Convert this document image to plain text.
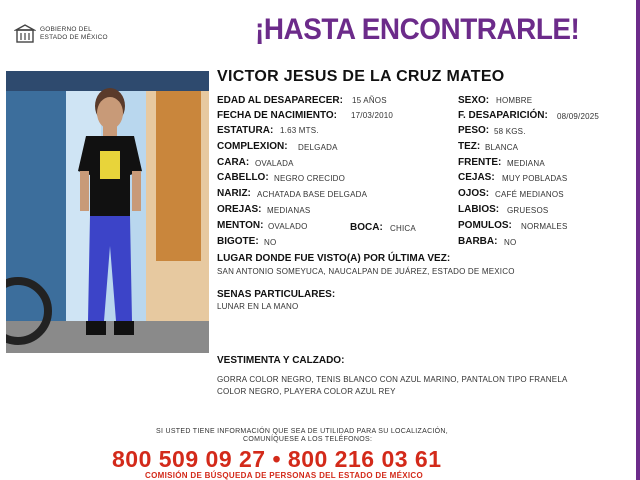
GOBIERNO DEL
ESTADO DE MÉXICO	¡HASTA ENCONTRARLE!
VICTOR JESUS DE LA CRUZ MATEO
EDAD AL DESAPARECER: 15 AÑOS
FECHA DE NACIMIENTO: 17/03/2010
ESTATURA: 1.63 MTS.
COMPLEXION: DELGADA
CARA: OVALADA
CABELLO: NEGRO CRECIDO
NARIZ: ACHATADA BASE DELGADA
OREJAS: MEDIANAS
MENTON: OVALADO	BOCA: CHICA
BIGOTE: NO
SEXO: HOMBRE
F. DESAPARICIÓN: 08/09/2025
PESO: 58 KGS.
TEZ: BLANCA
FRENTE: MEDIANA
CEJAS: MUY POBLADAS
OJOS: CAFÉ MEDIANOS
LABIOS: GRUESOS
POMULOS: NORMALES
BARBA: NO
LUGAR DONDE FUE VISTO(A) POR ÚLTIMA VEZ:
SAN ANTONIO SOMEYUCA, NAUCALPAN DE JUÁREZ, ESTADO DE MEXICO
SENAS PARTICULARES:
LUNAR EN LA MANO
VESTIMENTA Y CALZADO:
GORRA COLOR NEGRO, TENIS BLANCO CON AZUL MARINO, PANTALON TIPO FRANELA
COLOR NEGRO, PLAYERA COLOR AZUL REY
SI USTED TIENE INFORMACIÓN QUE SEA DE UTILIDAD PARA SU LOCALIZACIÓN,
COMUNÍQUESE A LOS TELÉFONOS:
800 509 09 27 • 800 216 03 61
COMISIÓN DE BÚSQUEDA DE PERSONAS DEL ESTADO DE MÉXICO
